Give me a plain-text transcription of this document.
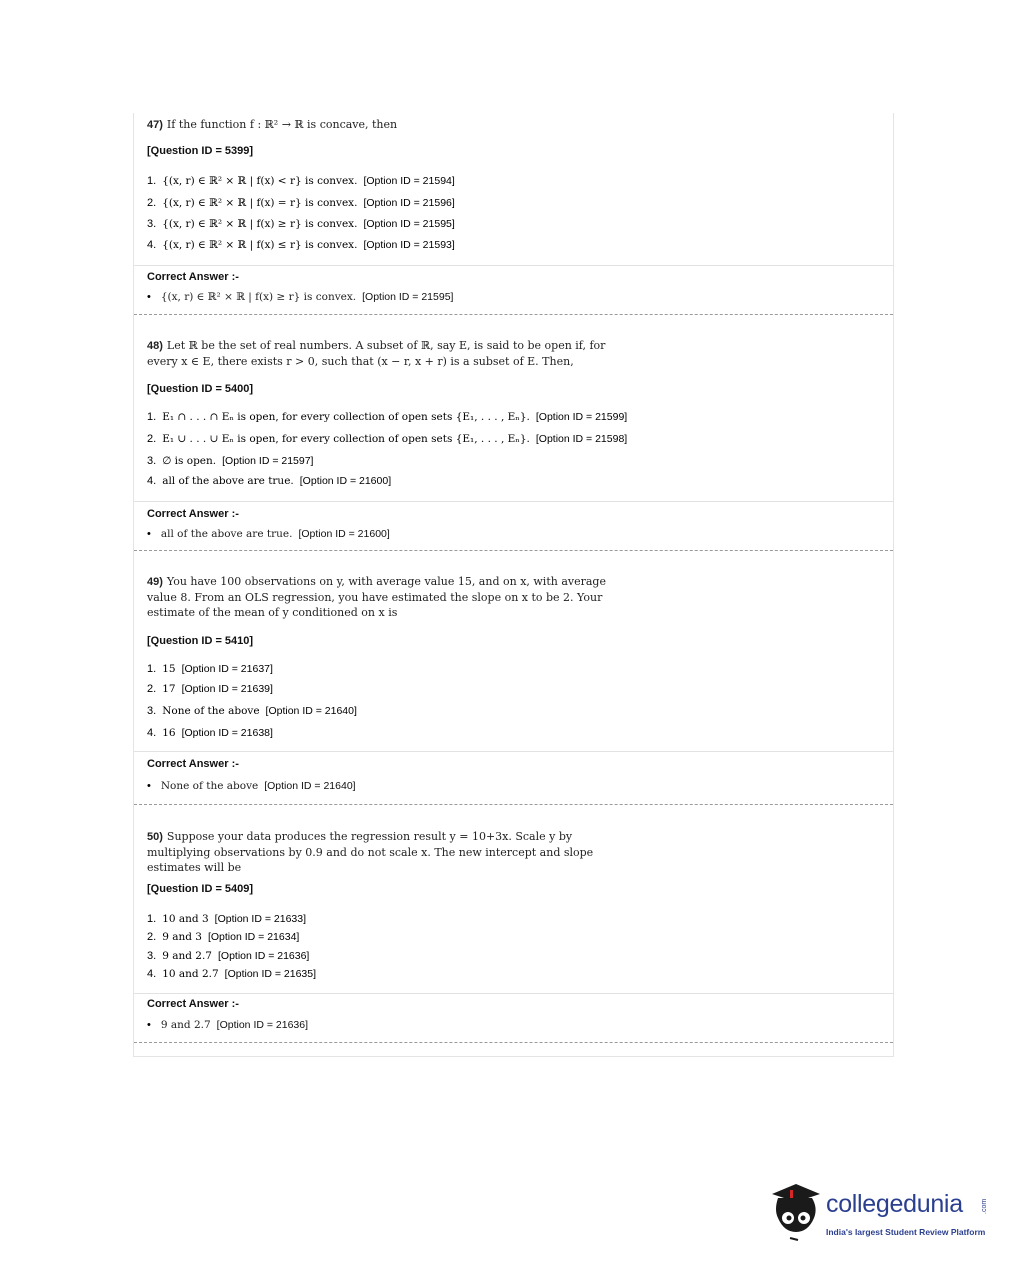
47) If the function f : ℝ² → ℝ is concave, then
[Question ID = 5399]
1. {(x, r) ∈ ℝ² × ℝ | f(x) < r} is convex. [Option ID = 21594]
2. {(x, r) ∈ ℝ² × ℝ | f(x) = r} is convex. [Option ID = 21596]
3. {(x, r) ∈ ℝ² × ℝ | f(x) ≥ r} is convex. [Option ID = 21595]
4. {(x, r) ∈ ℝ² × ℝ | f(x) ≤ r} is convex. [Option ID = 21593]
Correct Answer :-
• {(x, r) ∈ ℝ² × ℝ | f(x) ≥ r} is convex. [Option ID = 21595]
48) Let ℝ be the set of real numbers. A subset of ℝ, say E, is said to be open if, for every x ∈ E, there exists r > 0, such that (x − r, x + r) is a subset of E. Then,
[Question ID = 5400]
1. E₁ ∩ . . . ∩ Eₙ is open, for every collection of open sets {E₁, . . . , Eₙ}. [Option ID = 21599]
2. E₁ ∪ . . . ∪ Eₙ is open, for every collection of open sets {E₁, . . . , Eₙ}. [Option ID = 21598]
3. ∅ is open. [Option ID = 21597]
4. all of the above are true. [Option ID = 21600]
Correct Answer :-
• all of the above are true. [Option ID = 21600]
49) You have 100 observations on y, with average value 15, and on x, with average value 8. From an OLS regression, you have estimated the slope on x to be 2. Your estimate of the mean of y conditioned on x is
[Question ID = 5410]
1. 15 [Option ID = 21637]
2. 17 [Option ID = 21639]
3. None of the above [Option ID = 21640]
4. 16 [Option ID = 21638]
Correct Answer :-
• None of the above [Option ID = 21640]
50) Suppose your data produces the regression result y = 10+3x. Scale y by multiplying observations by 0.9 and do not scale x. The new intercept and slope estimates will be
[Question ID = 5409]
1. 10 and 3 [Option ID = 21633]
2. 9 and 3 [Option ID = 21634]
3. 9 and 2.7 [Option ID = 21636]
4. 10 and 2.7 [Option ID = 21635]
Correct Answer :-
• 9 and 2.7 [Option ID = 21636]
collegedunia	.com
India's largest Student Review Platform
